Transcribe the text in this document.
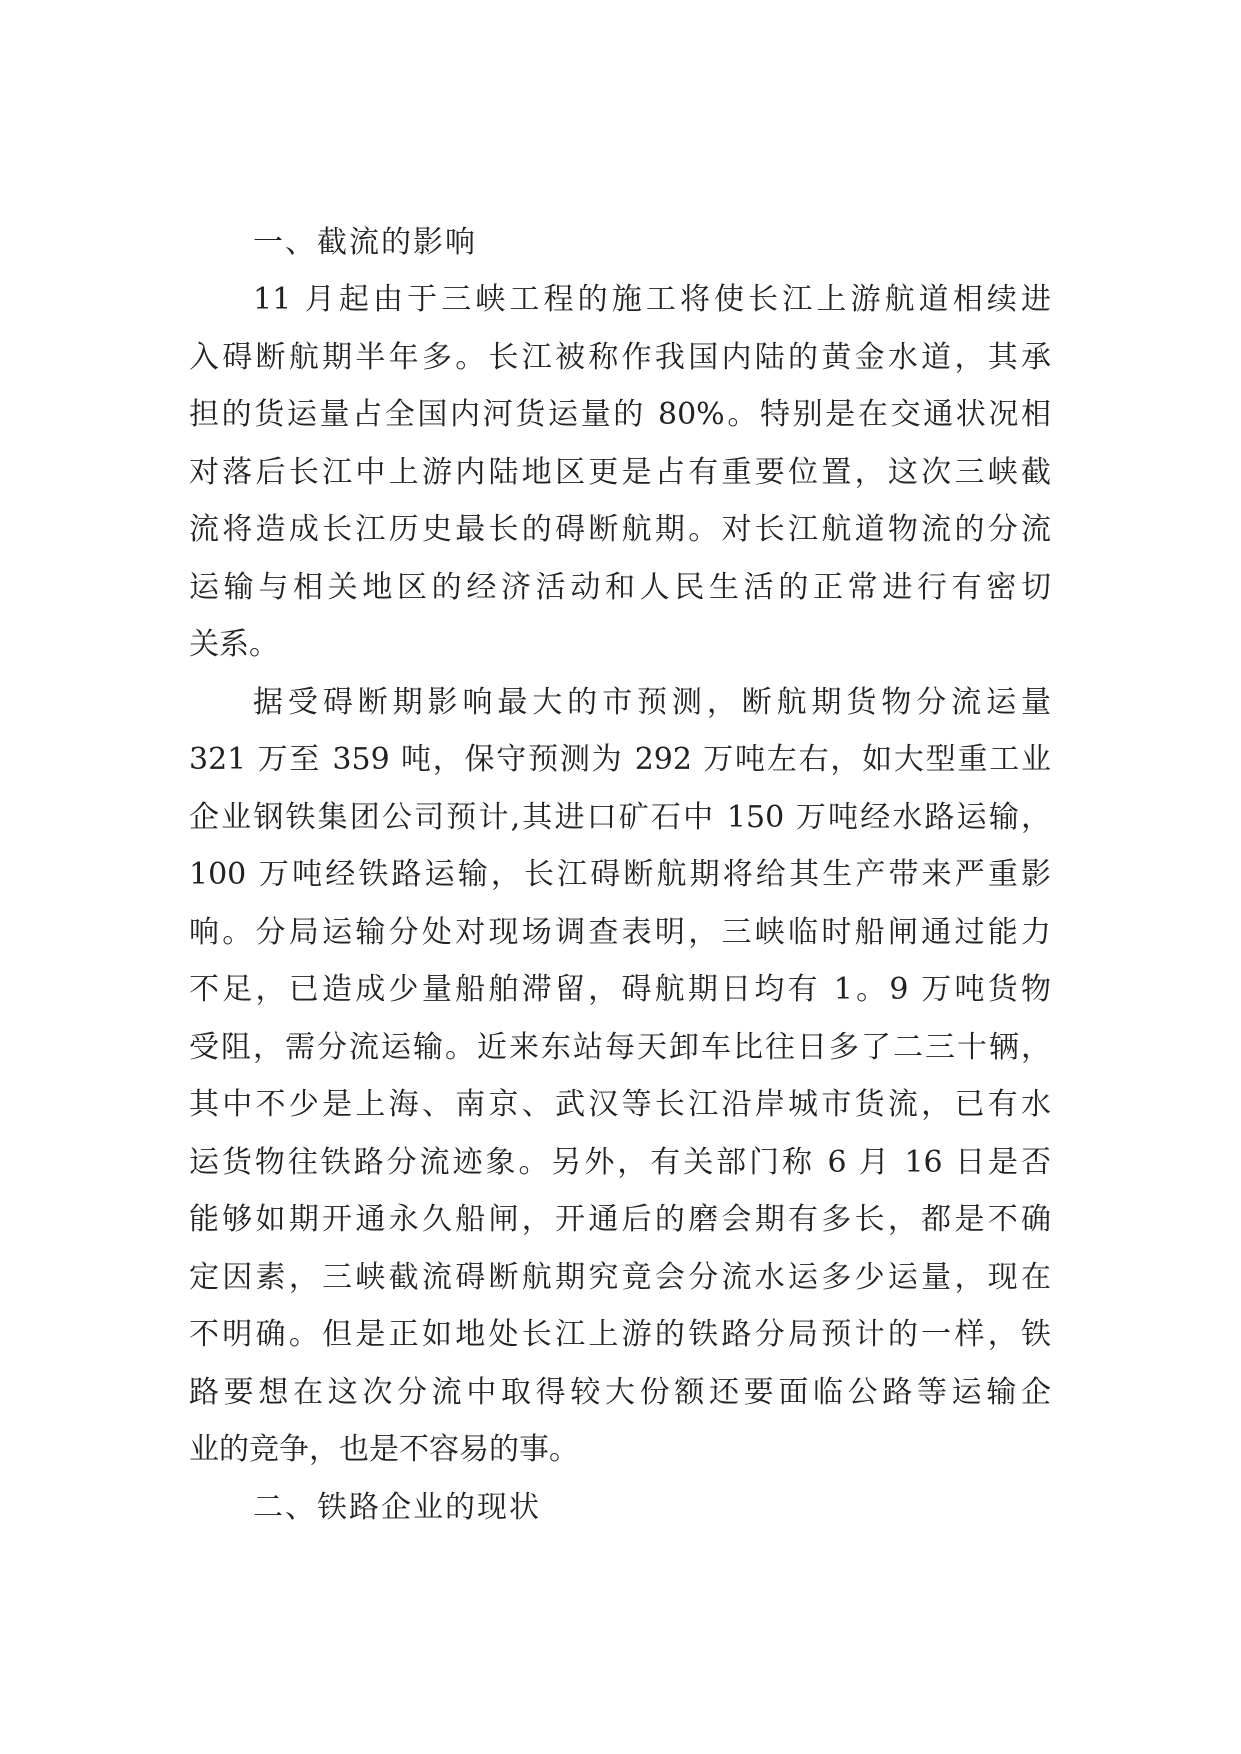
一、截流的影响
11 月起由于三峡工程的施工将使长江上游航道相续进
入碍断航期半年多。长江被称作我国内陆的黄金水道，其承
担的货运量占全国内河货运量的 80%。特别是在交通状况相
对落后长江中上游内陆地区更是占有重要位置，这次三峡截
流将造成长江历史最长的碍断航期。对长江航道物流的分流
运输与相关地区的经济活动和人民生活的正常进行有密切
关系。
据受碍断期影响最大的市预测，断航期货物分流运量
321 万至 359 吨，保守预测为 292 万吨左右，如大型重工业
企业钢铁集团公司预计,其进口矿石中 150 万吨经水路运输，
100 万吨经铁路运输，长江碍断航期将给其生产带来严重影
响。分局运输分处对现场调查表明，三峡临时船闸通过能力
不足，已造成少量船舶滞留，碍航期日均有 1。9 万吨货物
受阻，需分流运输。近来东站每天卸车比往日多了二三十辆，
其中不少是上海、南京、武汉等长江沿岸城市货流，已有水
运货物往铁路分流迹象。另外，有关部门称 6 月 16 日是否
能够如期开通永久船闸，开通后的磨会期有多长，都是不确
定因素，三峡截流碍断航期究竟会分流水运多少运量，现在
不明确。但是正如地处长江上游的铁路分局预计的一样，铁
路要想在这次分流中取得较大份额还要面临公路等运输企
业的竞争，也是不容易的事。
二、铁路企业的现状
